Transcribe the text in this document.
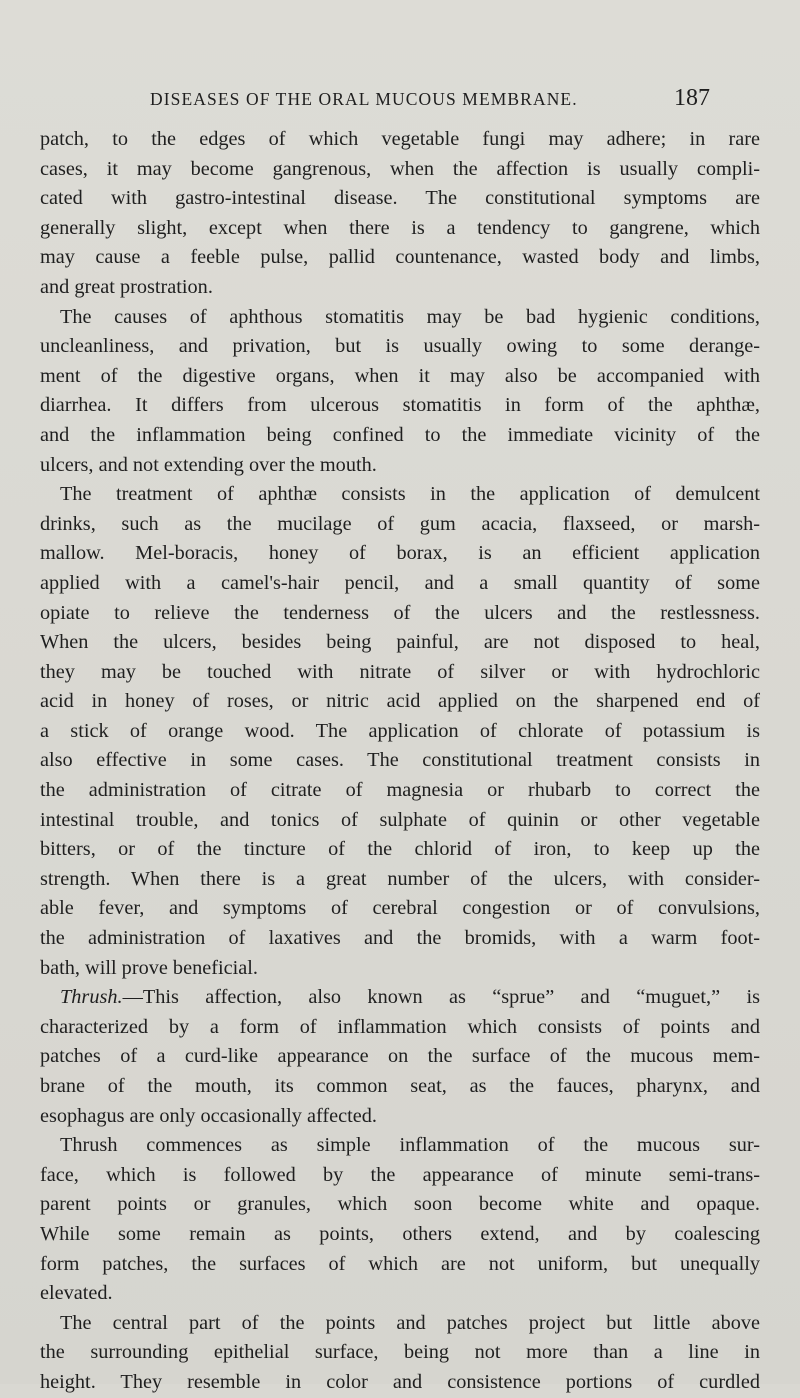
DISEASES OF THE ORAL MUCOUS MEMBRANE.	187
patch, to the edges of which vegetable fungi may adhere; in rare
cases, it may become gangrenous, when the affection is usually compli-
cated with gastro-intestinal disease. The constitutional symptoms are
generally slight, except when there is a tendency to gangrene, which
may cause a feeble pulse, pallid countenance, wasted body and limbs,
and great prostration.
The causes of aphthous stomatitis may be bad hygienic conditions,
uncleanliness, and privation, but is usually owing to some derange-
ment of the digestive organs, when it may also be accompanied with
diarrhea. It differs from ulcerous stomatitis in form of the aphthæ,
and the inflammation being confined to the immediate vicinity of the
ulcers, and not extending over the mouth.
The treatment of aphthæ consists in the application of demulcent
drinks, such as the mucilage of gum acacia, flaxseed, or marsh-
mallow. Mel-boracis, honey of borax, is an efficient application
applied with a camel's-hair pencil, and a small quantity of some
opiate to relieve the tenderness of the ulcers and the restlessness.
When the ulcers, besides being painful, are not disposed to heal,
they may be touched with nitrate of silver or with hydrochloric
acid in honey of roses, or nitric acid applied on the sharpened end of
a stick of orange wood. The application of chlorate of potassium is
also effective in some cases. The constitutional treatment consists in
the administration of citrate of magnesia or rhubarb to correct the
intestinal trouble, and tonics of sulphate of quinin or other vegetable
bitters, or of the tincture of the chlorid of iron, to keep up the
strength. When there is a great number of the ulcers, with consider-
able fever, and symptoms of cerebral congestion or of convulsions,
the administration of laxatives and the bromids, with a warm foot-
bath, will prove beneficial.
Thrush.—This affection, also known as “sprue” and “muguet,” is
characterized by a form of inflammation which consists of points and
patches of a curd-like appearance on the surface of the mucous mem-
brane of the mouth, its common seat, as the fauces, pharynx, and
esophagus are only occasionally affected.
Thrush commences as simple inflammation of the mucous sur-
face, which is followed by the appearance of minute semi-trans-
parent points or granules, which soon become white and opaque.
While some remain as points, others extend, and by coalescing
form patches, the surfaces of which are not uniform, but unequally
elevated.
The central part of the points and patches project but little above
the surrounding epithelial surface, being not more than a line in
height. They resemble in color and consistence portions of curdled
